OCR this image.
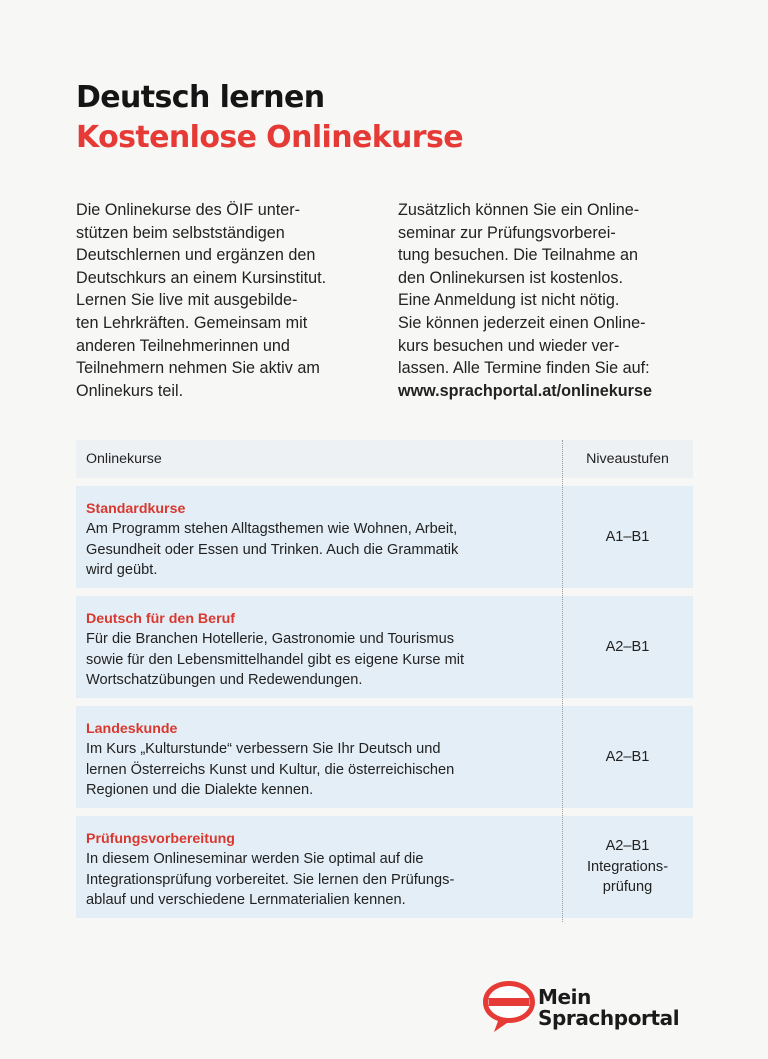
Deutsch lernen
Kostenlose Onlinekurse

Die Onlinekurse des ÖIF unter-
stützen beim selbstständigen
Deutschlernen und ergänzen den
Deutschkurs an einem Kursinstitut.
Lernen Sie live mit ausgebilde-
ten Lehrkräften. Gemeinsam mit
anderen Teilnehmerinnen und
Teilnehmern nehmen Sie aktiv am
Onlinekurs teil.

Zusätzlich können Sie ein Online-
seminar zur Prüfungsvorberei-
tung besuchen. Die Teilnahme an
den Onlinekursen ist kostenlos.
Eine Anmeldung ist nicht nötig.
Sie können jederzeit einen Online-
kurs besuchen und wieder ver-
lassen. Alle Termine finden Sie auf:

www.sprachportal.at/onlinekurse
Onlinekurse	Niveaustufen
Standardkurse
Am Programm stehen Alltagsthemen wie Wohnen, Arbeit,
Gesundheit oder Essen und Trinken. Auch die Grammatik
wird geübt.
A1–B1
Deutsch für den Beruf
Für die Branchen Hotellerie, Gastronomie und Tourismus
sowie für den Lebensmittelhandel gibt es eigene Kurse mit
Wortschatzübungen und Redewendungen.
A2–B1
Landeskunde
Im Kurs „Kulturstunde“ verbessern Sie Ihr Deutsch und
lernen Österreichs Kunst und Kultur, die österreichischen
Regionen und die Dialekte kennen.
A2–B1
Prüfungsvorbereitung
In diesem Onlineseminar werden Sie optimal auf die
Integrationsprüfung vorbereitet. Sie lernen den Prüfungs-
ablauf und verschiedene Lernmaterialien kennen.
A2–B1
Integrations-
prüfung
Mein
Sprachportal
